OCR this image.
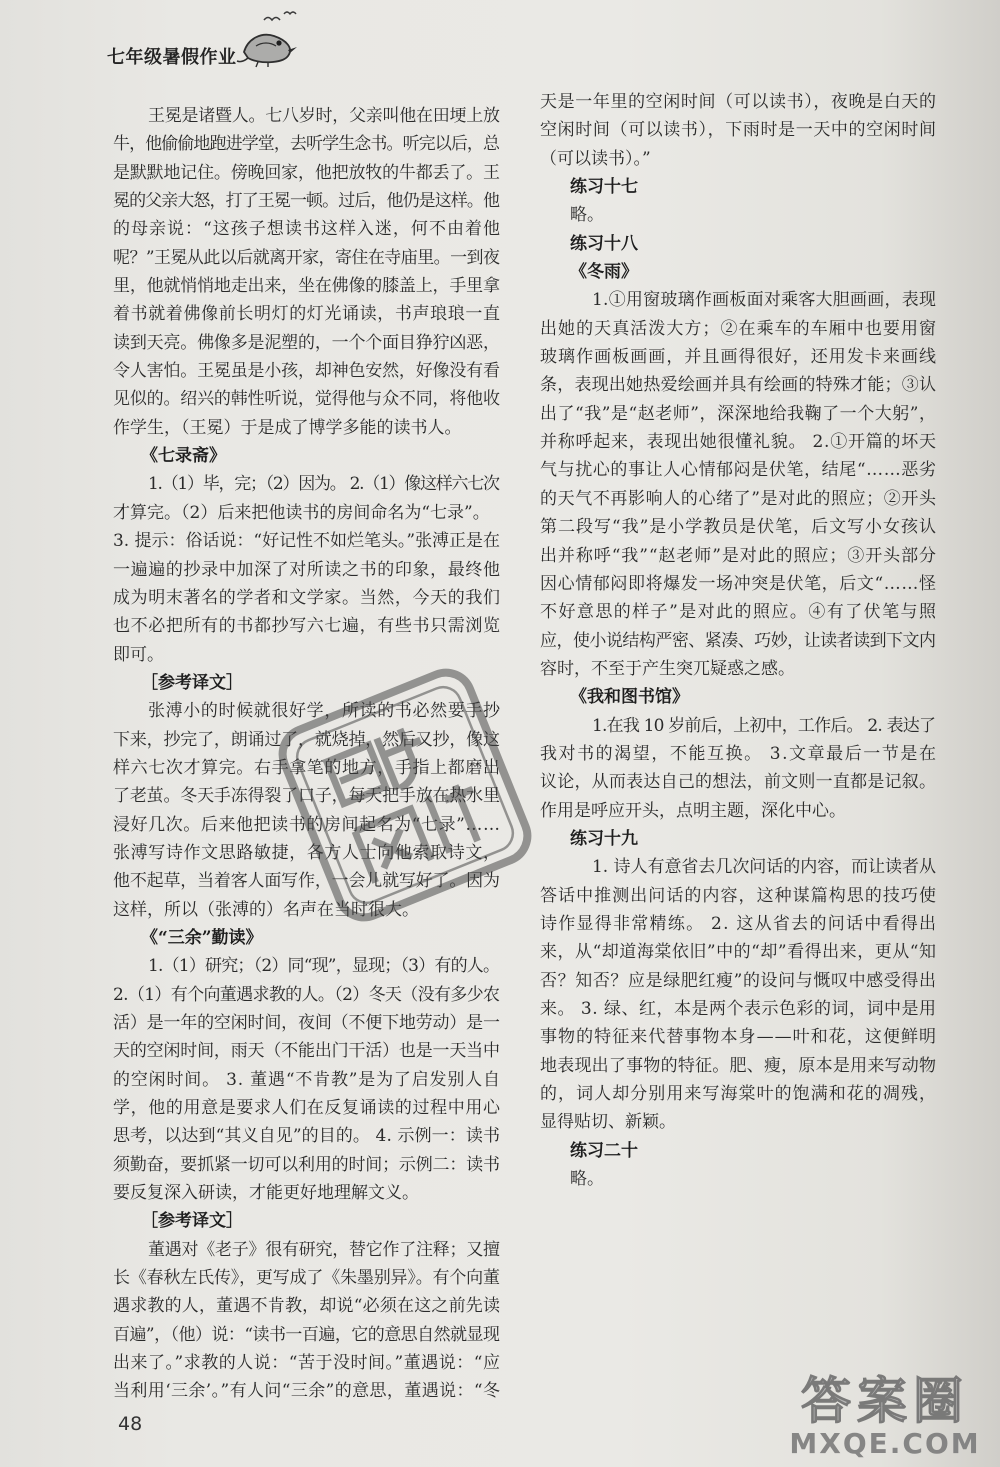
七年级暑假作业
王冕是诸暨人。七八岁时，父亲叫他在田埂上放
牛，他偷偷地跑进学堂，去听学生念书。听完以后，总
是默默地记住。傍晚回家，他把放牧的牛都丢了。王
冕的父亲大怒，打了王冕一顿。过后，他仍是这样。他
的母亲说：“这孩子想读书这样入迷，何不由着他
呢？”王冕从此以后就离开家，寄住在寺庙里。一到夜
里，他就悄悄地走出来，坐在佛像的膝盖上，手里拿
着书就着佛像前长明灯的灯光诵读，书声琅琅一直
读到天亮。佛像多是泥塑的，一个个面目狰狞凶恶，
令人害怕。王冕虽是小孩，却神色安然，好像没有看
见似的。绍兴的韩性听说，觉得他与众不同，将他收
作学生，（王冕）于是成了博学多能的读书人。
《七录斋》
1.（1）毕，完；（2）因为。 2.（1）像这样六七次
才算完。（2）后来把他读书的房间命名为“七录”。
3. 提示：俗话说：“好记性不如烂笔头。”张溥正是在
一遍遍的抄录中加深了对所读之书的印象，最终他
成为明末著名的学者和文学家。当然，今天的我们
也不必把所有的书都抄写六七遍，有些书只需浏览
即可。
［参考译文］
张溥小的时候就很好学，所读的书必然要手抄
下来，抄完了，朗诵过了，就烧掉，然后又抄，像这
样六七次才算完。右手拿笔的地方，手指上都磨出
了老茧。冬天手冻得裂了口子，每天把手放在热水里
浸好几次。后来他把读书的房间起名为“七录”……
张溥写诗作文思路敏捷，各方人士向他索取诗文，
他不起草，当着客人面写作，一会儿就写好了。因为
这样，所以（张溥的）名声在当时很大。
《“三余”勤读》
1.（1）研究；（2）同“现”，显现；（3）有的人。
2.（1）有个向董遇求教的人。（2）冬天（没有多少农
活）是一年的空闲时间，夜间（不便下地劳动）是一
天的空闲时间，雨天（不能出门干活）也是一天当中
的空闲时间。 3. 董遇“不肯教”是为了启发别人自
学，他的用意是要求人们在反复诵读的过程中用心
思考，以达到“其义自见”的目的。 4. 示例一：读书
须勤奋，要抓紧一切可以利用的时间；示例二：读书
要反复深入研读，才能更好地理解文义。
［参考译文］
董遇对《老子》很有研究，替它作了注释；又擅
长《春秋左氏传》，更写成了《朱墨别异》。有个向董
遇求教的人，董遇不肯教，却说“必须在这之前先读
百遍”，（他）说：“读书一百遍，它的意思自然就显现
出来了。”求教的人说：“苦于没时间。”董遇说：“应
当利用‘三余’。”有人问“三余”的意思，董遇说：“冬
天是一年里的空闲时间（可以读书），夜晚是白天的
空闲时间（可以读书），下雨时是一天中的空闲时间
（可以读书）。”
练习十七
略。
练习十八
《冬雨》
1.①用窗玻璃作画板面对乘客大胆画画，表现
出她的天真活泼大方；②在乘车的车厢中也要用窗
玻璃作画板画画，并且画得很好，还用发卡来画线
条，表现出她热爱绘画并具有绘画的特殊才能；③认
出了“我”是“赵老师”，深深地给我鞠了一个大躬”，
并称呼起来，表现出她很懂礼貌。 2.①开篇的坏天
气与扰心的事让人心情郁闷是伏笔，结尾“……恶劣
的天气不再影响人的心绪了”是对此的照应；②开头
第二段写“我”是小学教员是伏笔，后文写小女孩认
出并称呼“我”“赵老师”是对此的照应；③开头部分
因心情郁闷即将爆发一场冲突是伏笔，后文“……怪
不好意思的样子”是对此的照应。④有了伏笔与照
应，使小说结构严密、紧凑、巧妙，让读者读到下文内
容时，不至于产生突兀疑惑之感。
《我和图书馆》
1.在我 10 岁前后，上初中，工作后。 2. 表达了
我对书的渴望，不能互换。 3.文章最后一节是在
议论，从而表达自己的想法，前文则一直都是记叙。
作用是呼应开头，点明主题，深化中心。
练习十九
1. 诗人有意省去几次问话的内容，而让读者从
答话中推测出问话的内容，这种谋篇构思的技巧使
诗作显得非常精练。 2. 这从省去的问话中看得出
来，从“却道海棠依旧”中的“却”看得出来，更从“知
否？知否？应是绿肥红瘦”的设问与慨叹中感受得出
来。 3. 绿、红，本是两个表示色彩的词，词中是用
事物的特征来代替事物本身——叶和花，这便鲜明
地表现出了事物的特征。肥、瘦，原本是用来写动物
的，词人却分别用来写海棠叶的饱满和花的凋残，
显得贴切、新颖。
练习二十
略。
48	答案圈
MXQE.COM
